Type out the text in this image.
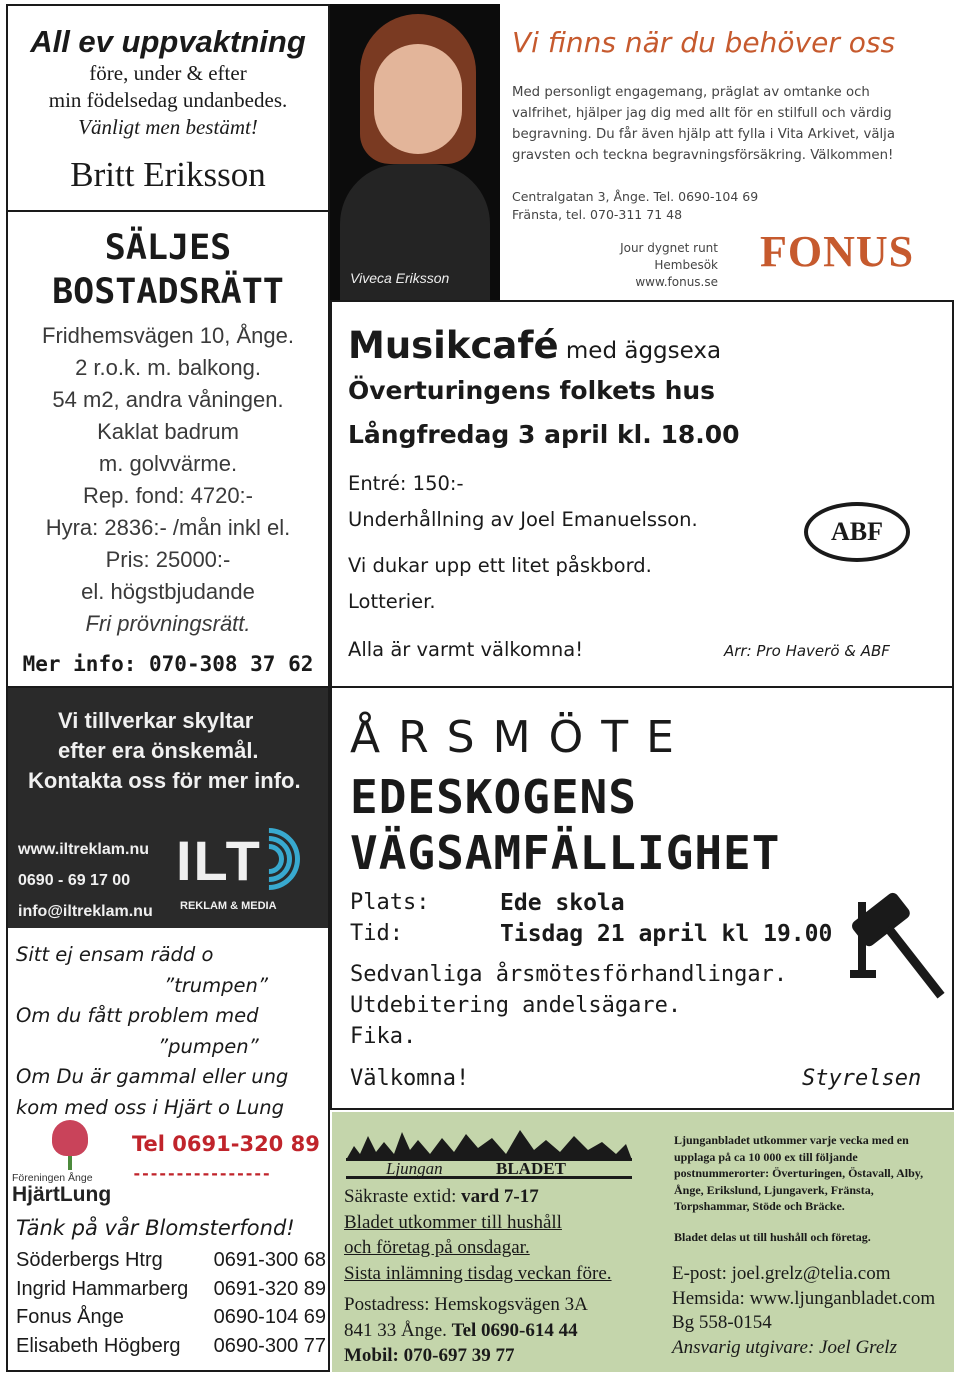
All ev uppvaktning
före, under & efter
min födelsedag undanbedes.
Vänligt men bestämt!
Britt Eriksson
SÄLJES
BOSTADSRÄTT
Fridhemsvägen 10, Ånge.
2 r.o.k. m. balkong.
54 m2, andra våningen.
Kaklat badrum
m. golvvärme.
Rep. fond: 4720:-
Hyra: 2836:- /mån inkl el.
Pris: 25000:-
el. högstbjudande
Fri prövningsrätt.
Mer info: 070-308 37 62
Viveca Eriksson
Vi finns när du behöver oss
Med personligt engagemang, präglat av omtanke och
valfrihet, hjälper jag dig med allt för en stilfull och värdig
begravning. Du får även hjälp att fylla i Vita Arkivet, välja
gravsten och teckna begravningsförsäkring. Välkommen!
Centralgatan 3, Ånge. Tel. 0690-104 69
Fränsta, tel. 070-311 71 48
Jour dygnet runt
Hembesök
www.fonus.se
FONUS
Musikcafé med äggsexa
Överturingens folkets hus
Långfredag 3 april kl. 18.00
Entré: 150:-
Underhållning av Joel Emanuelsson.
Vi dukar upp ett litet påskbord.
Lotterier.
Alla är varmt välkomna!	Arr: Pro Haverö & ABF
ABF
Vi tillverkar skyltar
efter era önskemål.
Kontakta oss för mer info.
www.iltreklam.nu
0690 - 69 17 00
info@iltreklam.nu
ILT
REKLAM & MEDIA
Sitt ej ensam rädd o
”trumpen”
Om du fått problem med
”pumpen”
Om Du är gammal eller ung
kom med oss i Hjärt o Lung
Föreningen Ånge
HjärtLung
Tel 0691-320 89
----------------
Tänk på vår Blomsterfond!
Söderbergs Htrg	0691-300 68
Ingrid Hammarberg 0691-320 89
Fonus Ånge	0690-104 69
Elisabeth Högberg 0690-300 77
ÅRSMÖTE
EDESKOGENS
VÄGSAMFÄLLIGHET
Plats:	Ede skola
Tid:	Tisdag 21 april kl 19.00
Sedvanliga årsmötesförhandlingar.
Utdebitering andelsägare.
Fika.
Välkomna!	Styrelsen
Ljungan	BLADET
Säkraste extid: vard 7-17
Bladet utkommer till hushåll
och företag på onsdagar.
Sista inlämning tisdag veckan före.
Postadress: Hemskogsvägen 3A
841 33 Ånge. Tel 0690-614 44
Mobil: 070-697 39 77
Ljunganbladet utkommer varje vecka med en upplaga på ca 10 000 ex till följande postnummerorter: Överturingen, Östavall, Alby, Ånge, Erikslund, Ljungaverk, Fränsta, Torpshammar, Stöde och Bräcke.
Bladet delas ut till hushåll och företag.
E-post: joel.grelz@telia.com
Hemsida: www.ljunganbladet.com
Bg 558-0154
Ansvarig utgivare: Joel Grelz
